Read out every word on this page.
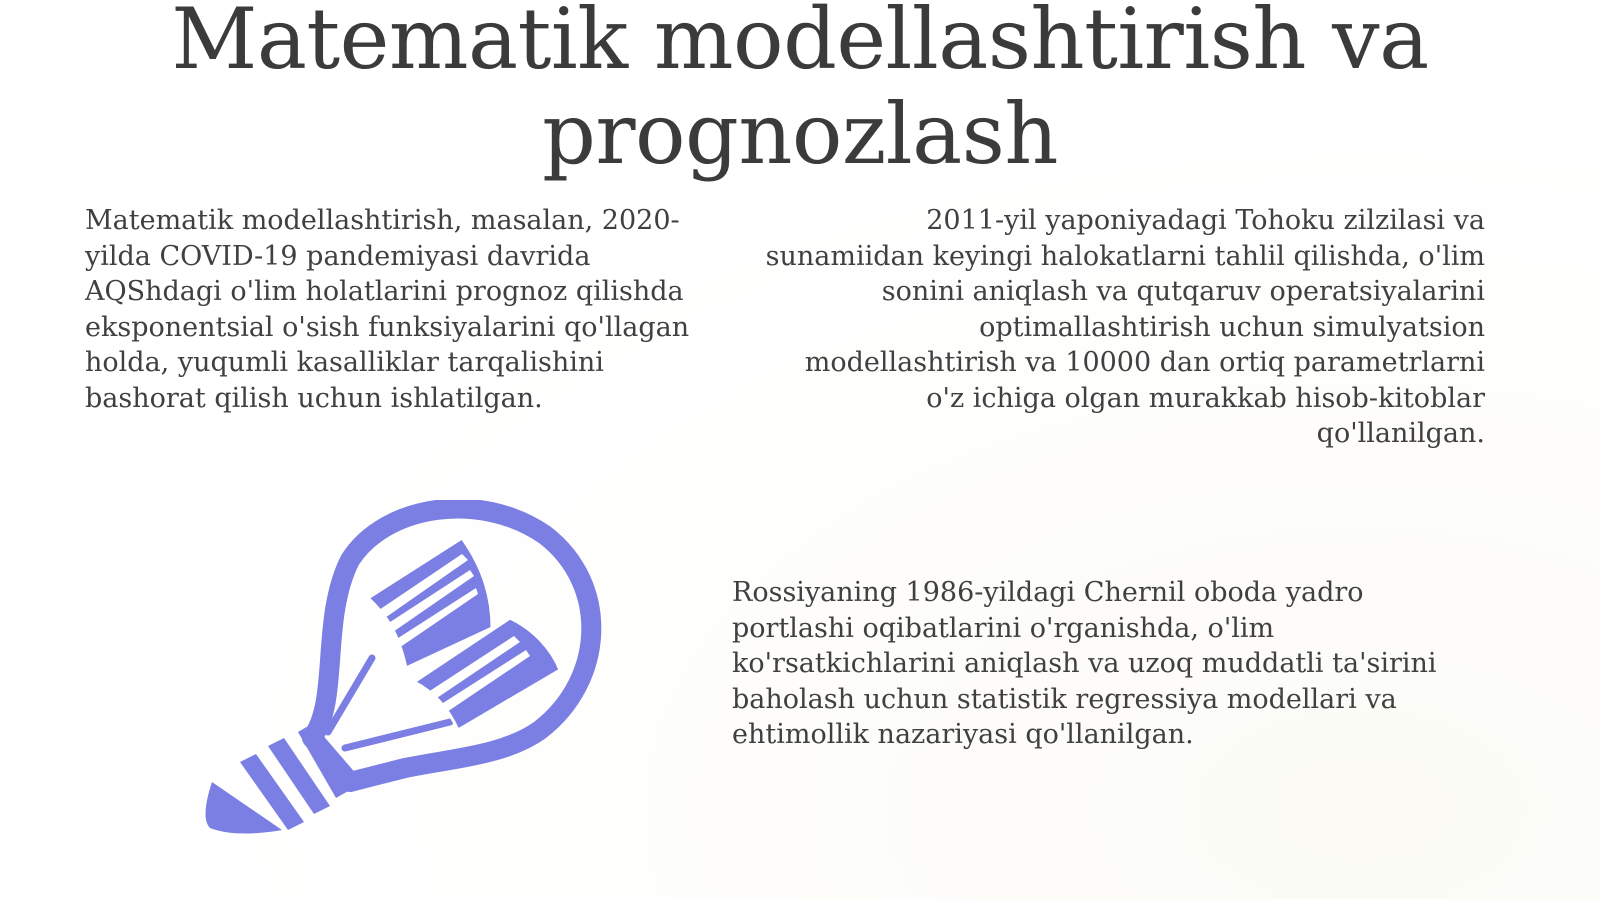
Matematik modellashtirish va prognozlash

Matematik modellashtirish, masalan, 2020-yilda COVID-19 pandemiyasi davrida AQShdagi o'lim holatlarini prognoz qilishda eksponentsial o'sish funksiyalarini qo'llagan holda, yuqumli kasalliklar tarqalishini bashorat qilish uchun ishlatilgan.

2011-yil yaponiyadagi Tohoku zilzilasi va sunamiidan keyingi halokatlarni tahlil qilishda, o'lim sonini aniqlash va qutqaruv operatsiyalarini optimallashtirish uchun simulyatsion modellashtirish va 10000 dan ortiq parametrlarni o'z ichiga olgan murakkab hisob-kitoblar qo'llanilgan.

Rossiyaning 1986-yildagi Chernil oboda yadro portlashi oqibatlarini o'rganishda, o'lim ko'rsatkichlarini aniqlash va uzoq muddatli ta'sirini baholash uchun statistik regressiya modellari va ehtimollik nazariyasi qo'llanilgan.
